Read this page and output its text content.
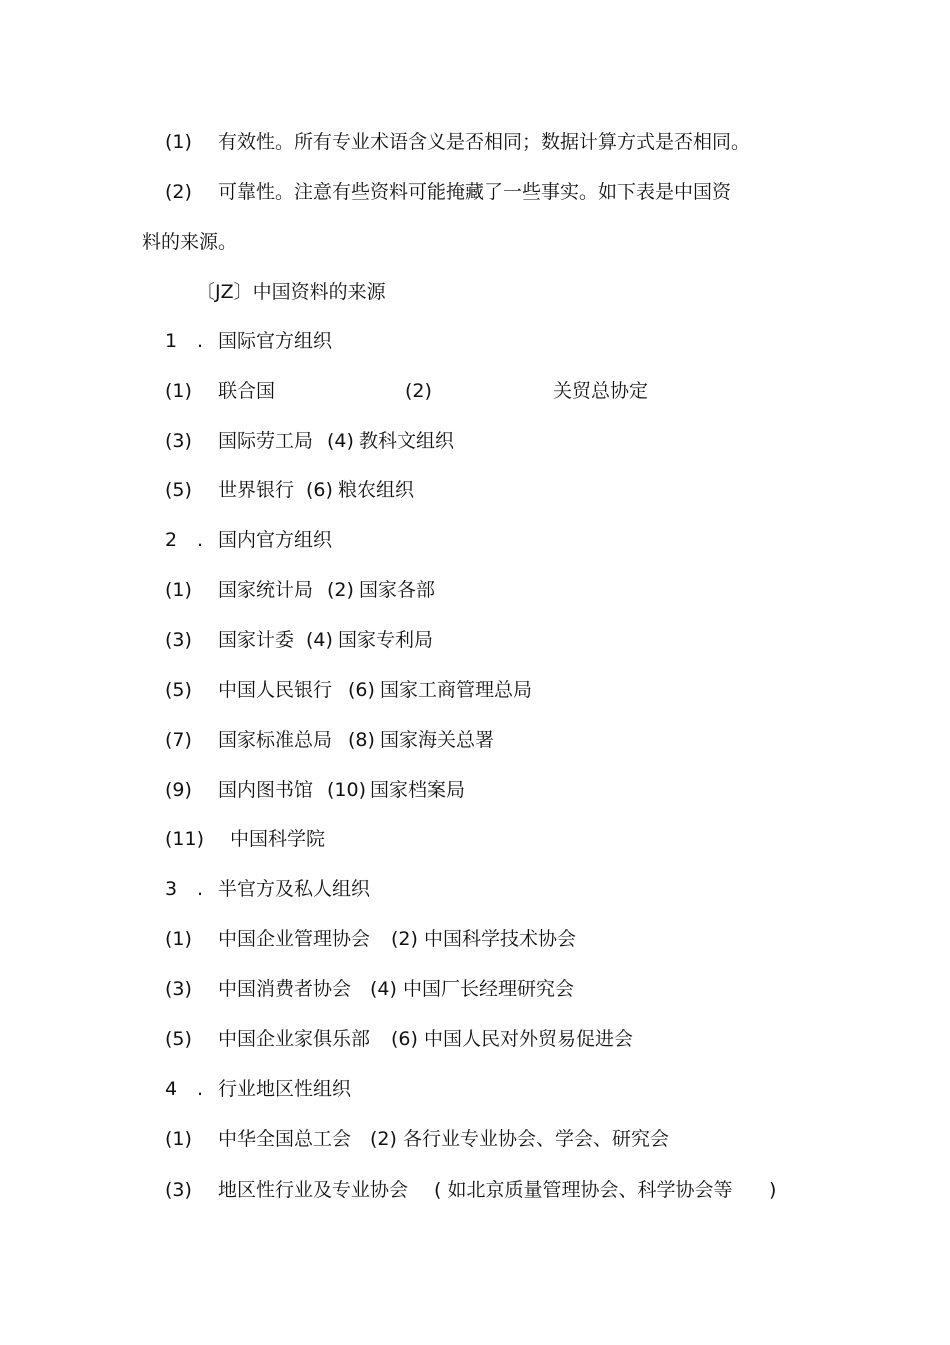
(1) 有效性。所有专业术语含义是否相同；数据计算方式是否相同。
(2) 可靠性。注意有些资料可能掩藏了一些事实。如下表是中国资
料的来源。
〔JZ〕中国资料的来源
1 . 国际官方组织
(1) 联合国	(2)	关贸总协定
(3) 国际劳工局 (4) 教科文组织
(5) 世界银行 (6) 粮农组织
2 . 国内官方组织
(1) 国家统计局 (2) 国家各部
(3) 国家计委 (4) 国家专利局
(5) 中国人民银行 (6) 国家工商管理总局
(7) 国家标准总局 (8) 国家海关总署
(9) 国内图书馆 (10) 国家档案局
(11) 中国科学院
3 . 半官方及私人组织
(1) 中国企业管理协会 (2) 中国科学技术协会
(3) 中国消费者协会 (4) 中国厂长经理研究会
(5) 中国企业家俱乐部 (6) 中国人民对外贸易促进会
4 . 行业地区性组织
(1) 中华全国总工会 (2) 各行业专业协会、学会、研究会
(3) 地区性行业及专业协会 ( 如北京质量管理协会、科学协会等 )
